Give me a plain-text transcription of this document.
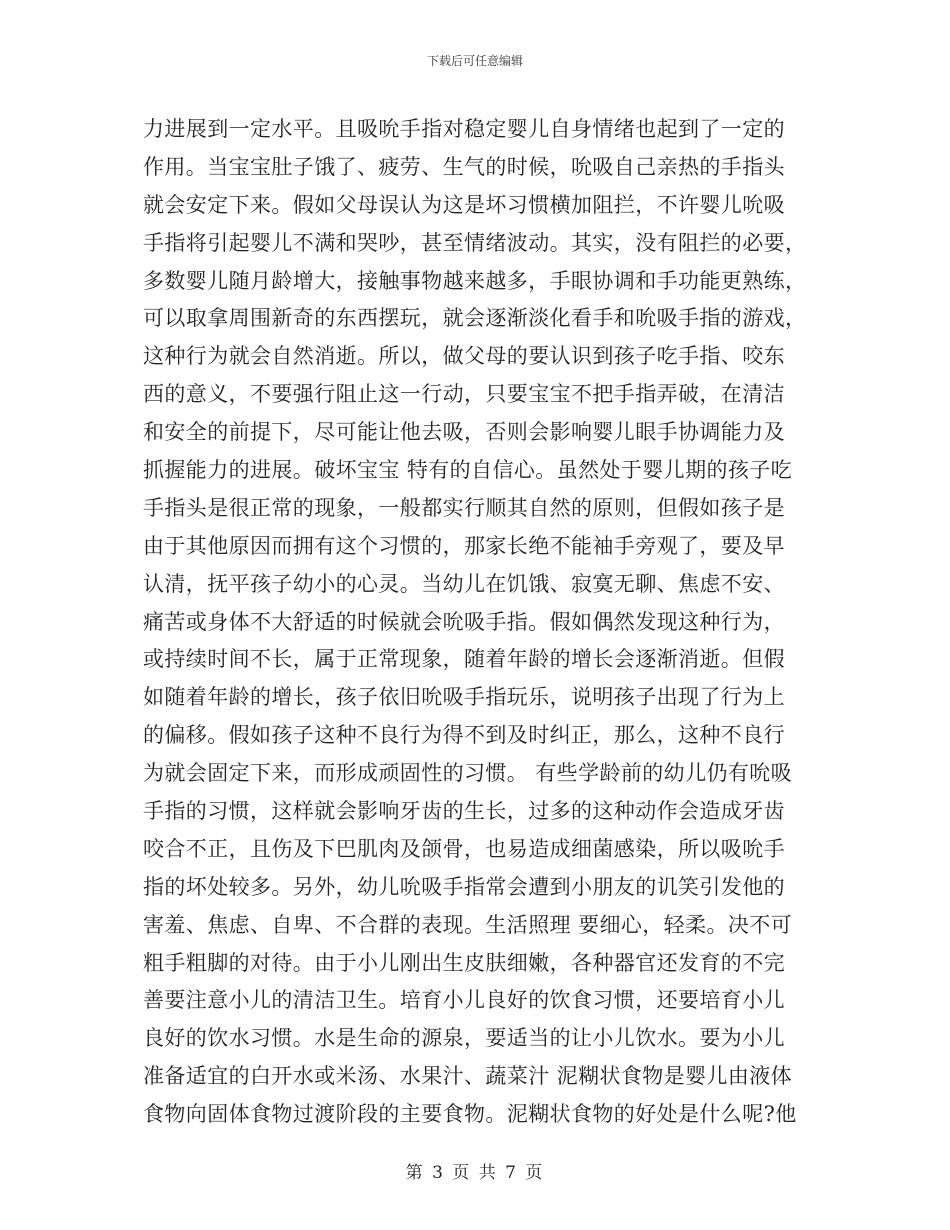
下载后可任意编辑
力进展到一定水平。且吸吮手指对稳定婴儿自身情绪也起到了一定的
作用。当宝宝肚子饿了、疲劳、生气的时候，吮吸自己亲热的手指头
就会安定下来。假如父母误认为这是坏习惯横加阻拦，不许婴儿吮吸
手指将引起婴儿不满和哭吵，甚至情绪波动。其实，没有阻拦的必要，
多数婴儿随月龄增大，接触事物越来越多，手眼协调和手功能更熟练，
可以取拿周围新奇的东西摆玩，就会逐渐淡化看手和吮吸手指的游戏，
这种行为就会自然消逝。所以，做父母的要认识到孩子吃手指、咬东
西的意义，不要强行阻止这一行动，只要宝宝不把手指弄破，在清洁
和安全的前提下，尽可能让他去吸，否则会影响婴儿眼手协调能力及
抓握能力的进展。破坏宝宝 特有的自信心。虽然处于婴儿期的孩子吃
手指头是很正常的现象，一般都实行顺其自然的原则，但假如孩子是
由于其他原因而拥有这个习惯的，那家长绝不能袖手旁观了，要及早
认清，抚平孩子幼小的心灵。当幼儿在饥饿、寂寞无聊、焦虑不安、
痛苦或身体不大舒适的时候就会吮吸手指。假如偶然发现这种行为，
或持续时间不长，属于正常现象，随着年龄的增长会逐渐消逝。但假
如随着年龄的增长，孩子依旧吮吸手指玩乐，说明孩子出现了行为上
的偏移。假如孩子这种不良行为得不到及时纠正，那么，这种不良行
为就会固定下来，而形成顽固性的习惯。 有些学龄前的幼儿仍有吮吸
手指的习惯，这样就会影响牙齿的生长，过多的这种动作会造成牙齿
咬合不正，且伤及下巴肌肉及颌骨，也易造成细菌感染，所以吸吮手
指的坏处较多。另外，幼儿吮吸手指常会遭到小朋友的讥笑引发他的
害羞、焦虑、自卑、不合群的表现。生活照理 要细心，轻柔。决不可
粗手粗脚的对待。由于小儿刚出生皮肤细嫩，各种器官还发育的不完
善要注意小儿的清洁卫生。培育小儿良好的饮食习惯，还要培育小儿
良好的饮水习惯。水是生命的源泉，要适当的让小儿饮水。要为小儿
准备适宜的白开水或米汤、水果汁、蔬菜汁 泥糊状食物是婴儿由液体
食物向固体食物过渡阶段的主要食物。泥糊状食物的好处是什么呢?他
第 3 页 共 7 页
